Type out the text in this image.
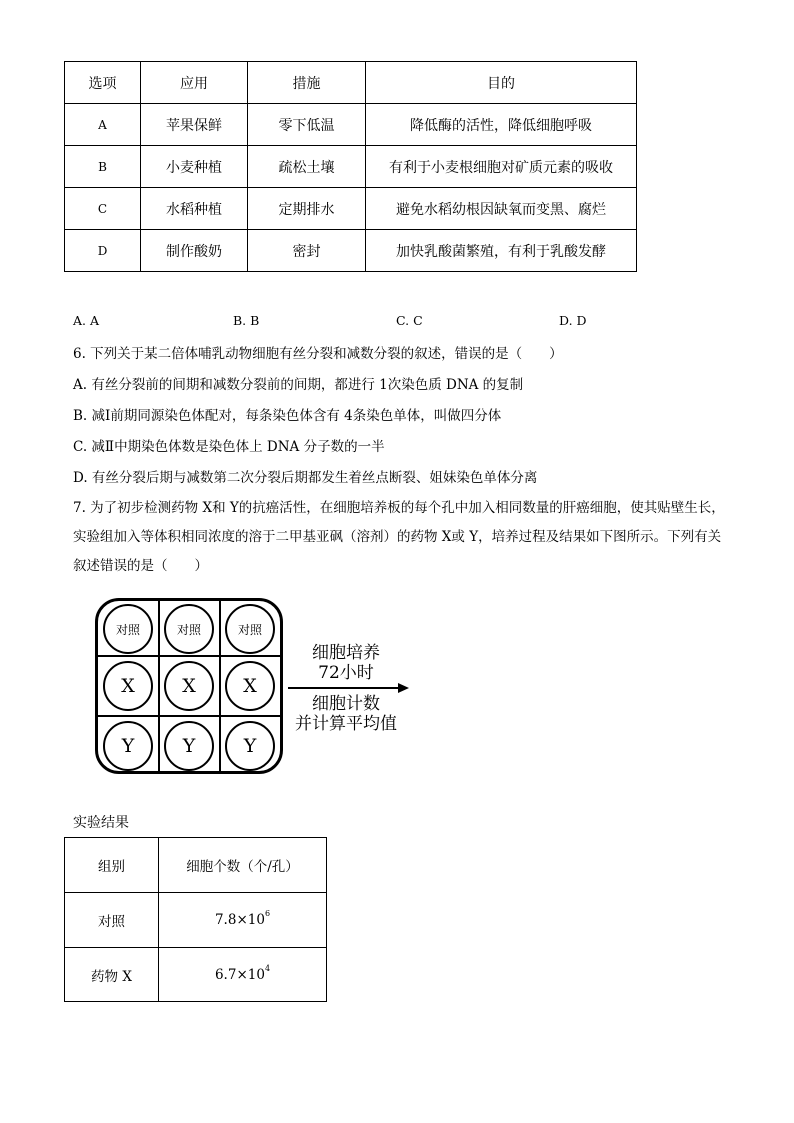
选项	应用	措施	目的
A	苹果保鲜	零下低温	降低酶的活性，降低细胞呼吸
B	小麦种植	疏松土壤	有利于小麦根细胞对矿质元素的吸收
C	水稻种植	定期排水	避免水稻幼根因缺氧而变黑、腐烂
D	制作酸奶	密封	加快乳酸菌繁殖，有利于乳酸发酵
A. A	B. B	C. C	D. D
6. 下列关于某二倍体哺乳动物细胞有丝分裂和减数分裂的叙述，错误的是（　　）
A. 有丝分裂前的间期和减数分裂前的间期，都进行 1次染色质 DNA 的复制
B. 减Ⅰ前期同源染色体配对，每条染色体含有 4条染色单体，叫做四分体
C. 减Ⅱ中期染色体数是染色体上 DNA 分子数的一半
D. 有丝分裂后期与减数第二次分裂后期都发生着丝点断裂、姐妹染色单体分离
7. 为了初步检测药物 X和 Y的抗癌活性，在细胞培养板的每个孔中加入相同数量的肝癌细胞，使其贴壁生长，实验组加入等体积相同浓度的溶于二甲基亚砜（溶剂）的药物 X或 Y，培养过程及结果如下图所示。下列有关叙述错误的是（　　）
对照	对照	对照
X X X
Y	Y	Y
细胞培养
72小时
细胞计数
并计算平均值
实验结果
组别	细胞个数（个/孔）
对照	$7.8\times 10^6$
药物 X	$6.7\times 10^4$
